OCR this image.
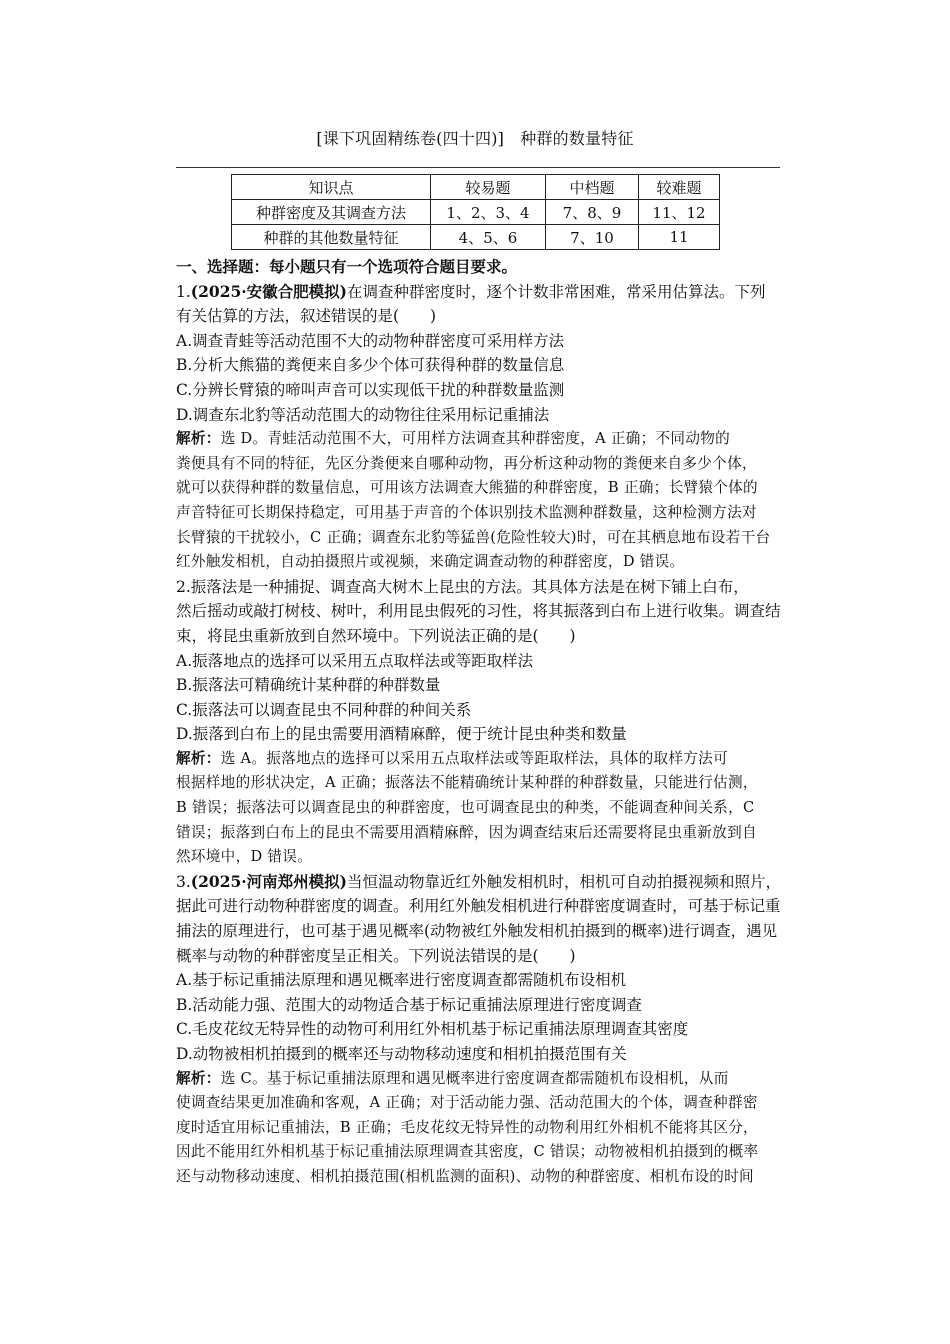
[课下巩固精练卷(四十四)]　种群的数量特征
知识点	较易题	中档题	较难题
种群密度及其调查方法	1、2、3、4	7、8、9	11、12
种群的其他数量特征	4、5、6	7、10	11
一、选择题：每小题只有一个选项符合题目要求。
1.(2025·安徽合肥模拟)在调查种群密度时，逐个计数非常困难，常采用估算法。下列
有关估算的方法，叙述错误的是(　　)
A.调查青蛙等活动范围不大的动物种群密度可采用样方法
B.分析大熊猫的粪便来自多少个体可获得种群的数量信息
C.分辨长臂猿的啼叫声音可以实现低干扰的种群数量监测
D.调查东北豹等活动范围大的动物往往采用标记重捕法
解析：选 D。青蛙活动范围不大，可用样方法调查其种群密度，A 正确；不同动物的
粪便具有不同的特征，先区分粪便来自哪种动物，再分析这种动物的粪便来自多少个体，
就可以获得种群的数量信息，可用该方法调查大熊猫的种群密度，B 正确；长臂猿个体的
声音特征可长期保持稳定，可用基于声音的个体识别技术监测种群数量，这种检测方法对
长臂猿的干扰较小，C 正确；调查东北豹等猛兽(危险性较大)时，可在其栖息地布设若干台
红外触发相机，自动拍摄照片或视频，来确定调查动物的种群密度，D 错误。
2.振落法是一种捕捉、调查高大树木上昆虫的方法。其具体方法是在树下铺上白布，
然后摇动或敲打树枝、树叶，利用昆虫假死的习性，将其振落到白布上进行收集。调查结
束，将昆虫重新放到自然环境中。下列说法正确的是(　　)
A.振落地点的选择可以采用五点取样法或等距取样法
B.振落法可精确统计某种群的种群数量
C.振落法可以调查昆虫不同种群的种间关系
D.振落到白布上的昆虫需要用酒精麻醉，便于统计昆虫种类和数量
解析：选 A。振落地点的选择可以采用五点取样法或等距取样法，具体的取样方法可
根据样地的形状决定，A 正确；振落法不能精确统计某种群的种群数量，只能进行估测，
B 错误；振落法可以调查昆虫的种群密度，也可调查昆虫的种类，不能调查种间关系，C
错误；振落到白布上的昆虫不需要用酒精麻醉，因为调查结束后还需要将昆虫重新放到自
然环境中，D 错误。
3.(2025·河南郑州模拟)当恒温动物靠近红外触发相机时，相机可自动拍摄视频和照片，
据此可进行动物种群密度的调查。利用红外触发相机进行种群密度调查时，可基于标记重
捕法的原理进行，也可基于遇见概率(动物被红外触发相机拍摄到的概率)进行调查，遇见
概率与动物的种群密度呈正相关。下列说法错误的是(　　)
A.基于标记重捕法原理和遇见概率进行密度调查都需随机布设相机
B.活动能力强、范围大的动物适合基于标记重捕法原理进行密度调查
C.毛皮花纹无特异性的动物可利用红外相机基于标记重捕法原理调查其密度
D.动物被相机拍摄到的概率还与动物移动速度和相机拍摄范围有关
解析：选 C。基于标记重捕法原理和遇见概率进行密度调查都需随机布设相机，从而
使调查结果更加准确和客观，A 正确；对于活动能力强、活动范围大的个体，调查种群密
度时适宜用标记重捕法，B 正确；毛皮花纹无特异性的动物利用红外相机不能将其区分，
因此不能用红外相机基于标记重捕法原理调查其密度，C 错误；动物被相机拍摄到的概率
还与动物移动速度、相机拍摄范围(相机监测的面积)、动物的种群密度、相机布设的时间
